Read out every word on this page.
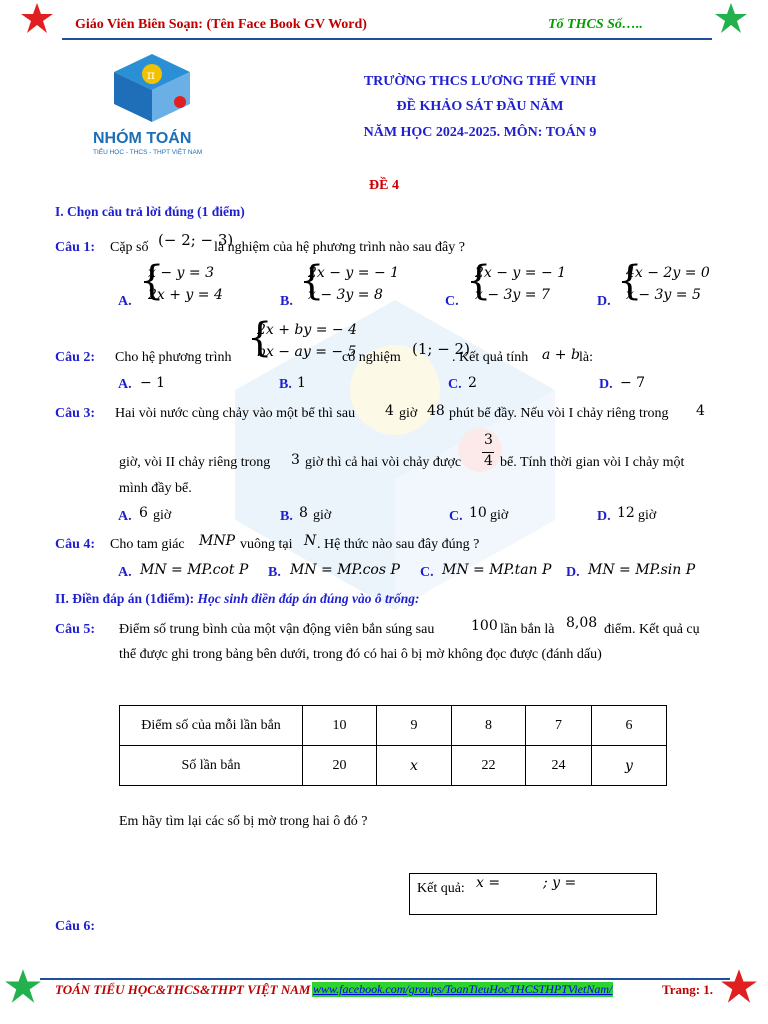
Giáo Viên Biên Soạn: (Tên Face Book GV Word)	Tổ THCS Số…..
π
NHÓM TOÁN
TIỂU HỌC - THCS - THPT VIỆT NAM
TRƯỜNG THCS LƯƠNG THẾ VINH
ĐỀ KHẢO SÁT ĐẦU NĂM
NĂM HỌC 2024-2025. MÔN: TOÁN 9
ĐỀ 4
I. Chọn câu trả lời đúng (1 điểm)
Câu 1: Cặp số (− 2; − 3)
là nghiệm của hệ phương trình nào sau đây ?
A. {
x − y = 3
2x + y = 4	B. {
2x − y = − 1
x − 3y = 8	C. {
2x − y = − 1
x − 3y = 7	D. {
4x − 2y = 0
x − 3y = 5
Câu 2: Cho hệ phương trình {
2x + by = − 4
bx − ay = − 5
có nghiệm (1; − 2)
. Kết quả tính a + b là:
A. − 1	B. 1	C. 2	D. − 7
Câu 3: Hai vòi nước cùng chảy vào một bể thì sau 4 giờ 48 phút bể đầy. Nếu vòi I chảy riêng trong 4
giờ, vòi II chảy riêng trong 3 giờ thì cả hai vòi chảy được
3
4 bể. Tính thời gian vòi I chảy một
mình đầy bể.
A. 6 giờ	B. 8 giờ	C. 10 giờ	D. 12 giờ
Câu 4: Cho tam giác MNP vuông tại N . Hệ thức nào sau đây đúng ?
A. MN = MP.cot P B. MN = MP.cos P C. MN = MP.tan P D. MN = MP.sin P
II. Điền đáp án (1điểm): Học sinh điền đáp án đúng vào ô trống:
Câu 5: Điểm số trung bình của một vận động viên bắn súng sau	100 lần bắn là 8,08 điểm. Kết quả cụ
thể được ghi trong bảng bên dưới, trong đó có hai ô bị mờ không đọc được (đánh dấu)
Điểm số của mỗi lần bắn	10	9	8	7	6
Số lần bắn	20	x	22	24	y
Em hãy tìm lại các số bị mờ trong hai ô đó ?
Kết quả: x =	; y =
Câu 6:
TOÁN TIỂU HỌC&THCS&THPT VIỆT NAM www.facebook.com/groups/ToanTieuHocTHCSTHPTVietNam/	Trang: 1.
